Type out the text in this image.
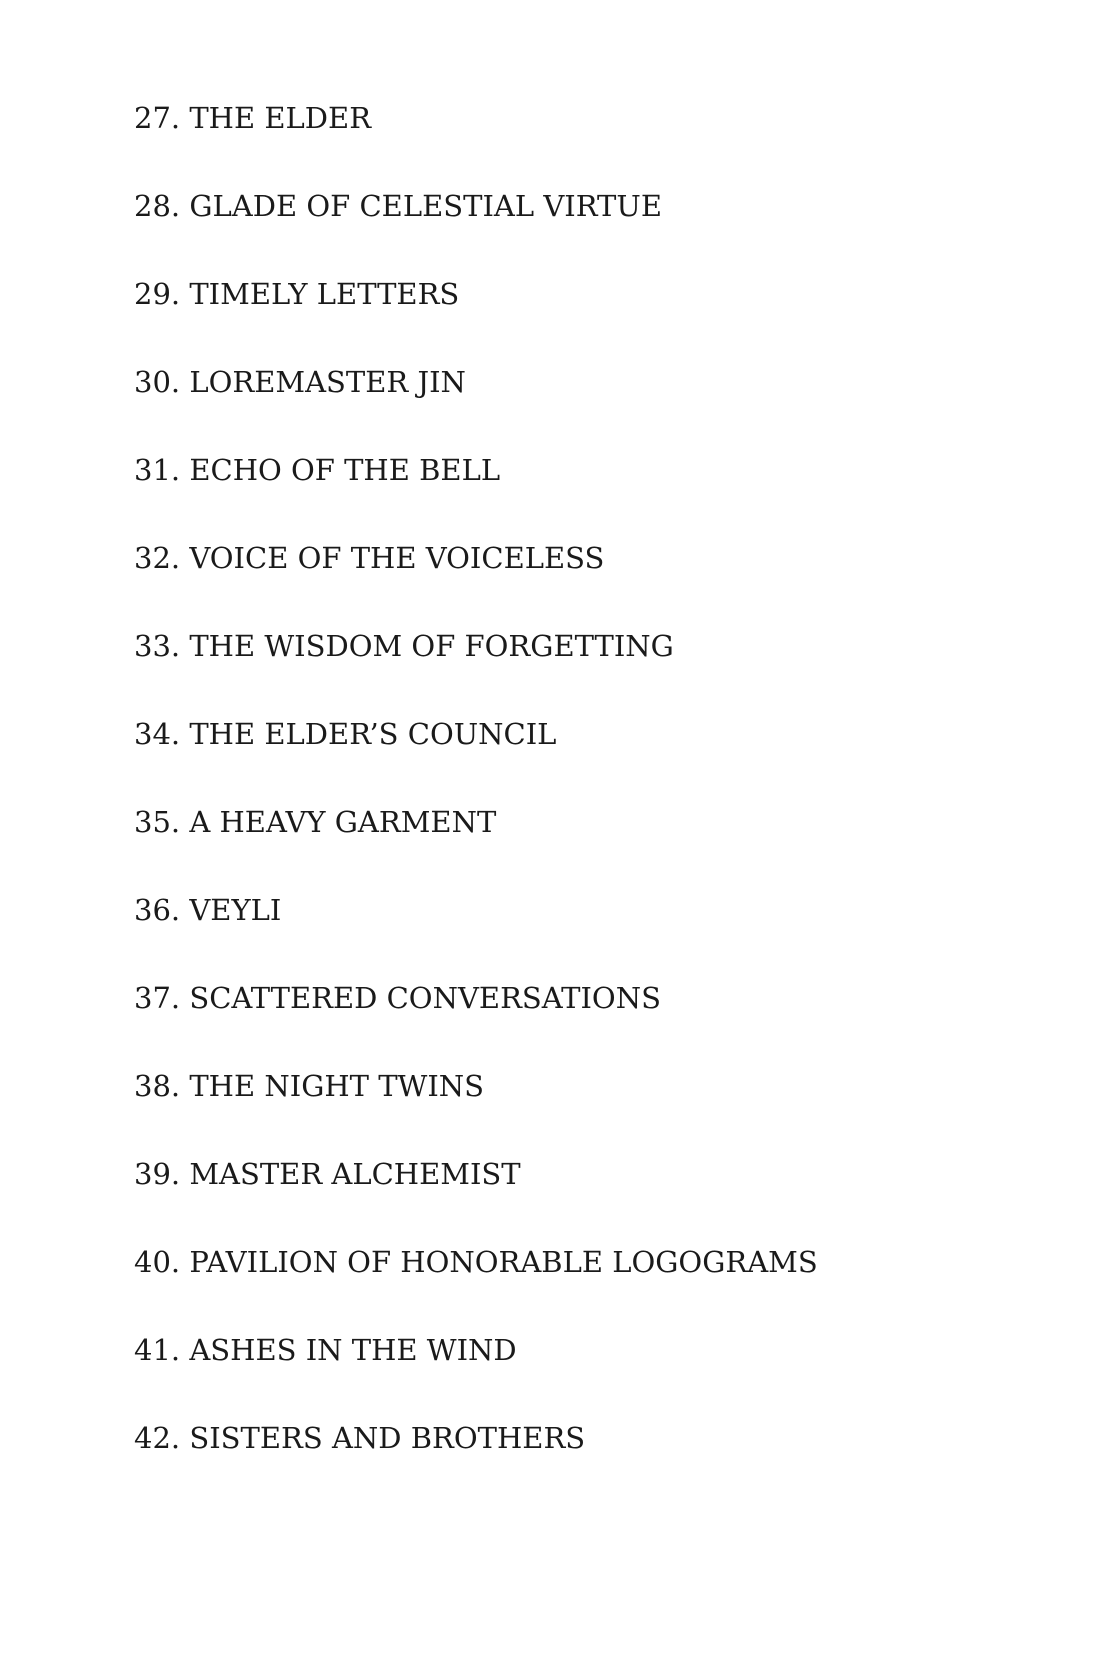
27. THE ELDER
28. GLADE OF CELESTIAL VIRTUE
29. TIMELY LETTERS
30. LOREMASTER JIN
31. ECHO OF THE BELL
32. VOICE OF THE VOICELESS
33. THE WISDOM OF FORGETTING
34. THE ELDER’S COUNCIL
35. A HEAVY GARMENT
36. VEYLI
37. SCATTERED CONVERSATIONS
38. THE NIGHT TWINS
39. MASTER ALCHEMIST
40. PAVILION OF HONORABLE LOGOGRAMS
41. ASHES IN THE WIND
42. SISTERS AND BROTHERS
